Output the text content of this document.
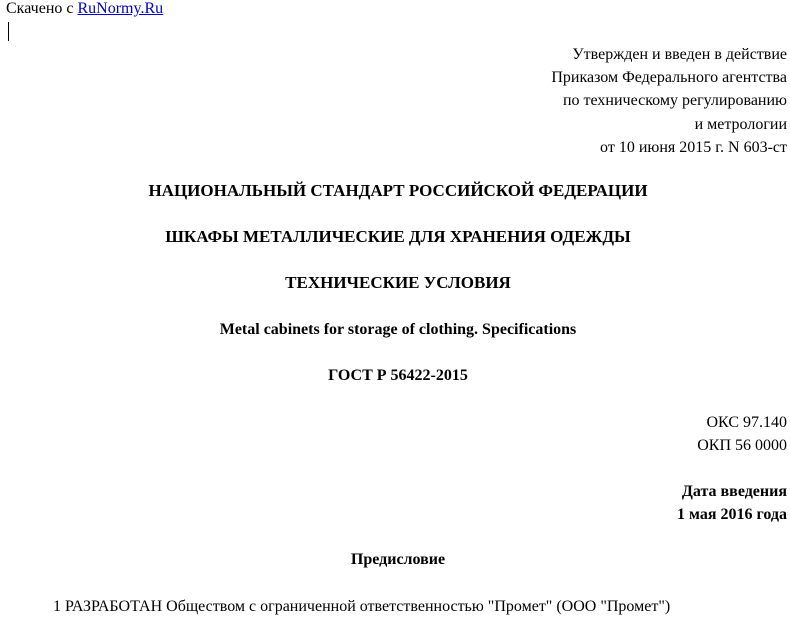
Скачено с RuNormy.Ru
Утвержден и введен в действие
Приказом Федерального агентства
по техническому регулированию
и метрологии
от 10 июня 2015 г. N 603-ст
НАЦИОНАЛЬНЫЙ СТАНДАРТ РОССИЙСКОЙ ФЕДЕРАЦИИ
ШКАФЫ МЕТАЛЛИЧЕСКИЕ ДЛЯ ХРАНЕНИЯ ОДЕЖДЫ
ТЕХНИЧЕСКИЕ УСЛОВИЯ
Metal cabinets for storage of clothing. Specifications
ГОСТ Р 56422-2015
ОКС 97.140
ОКП 56 0000
Дата введения
1 мая 2016 года
Предисловие
1 РАЗРАБОТАН Обществом с ограниченной ответственностью "Промет" (ООО "Промет")
